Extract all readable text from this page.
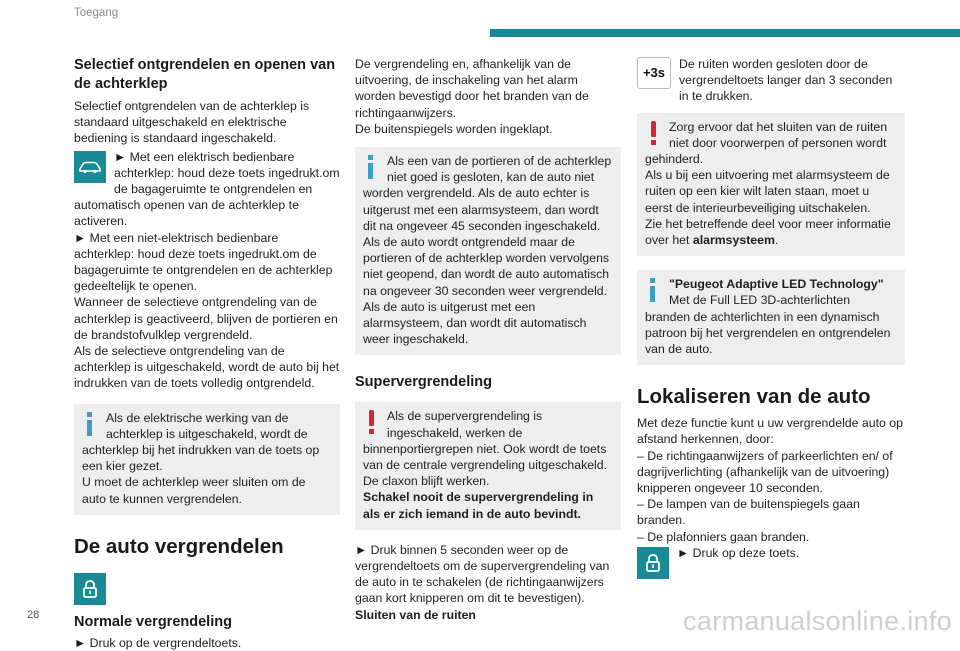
Toegang
Selectief ontgrendelen en openen van de achterklep

Selectief ontgrendelen van de achterklep is standaard uitgeschakeld en elektrische bediening is standaard ingeschakeld.

► Met een elektrisch bedienbare achterklep: houd deze toets ingedrukt.om de bagageruimte te ontgrendelen en automatisch openen van de achterklep te activeren.

► Met een niet-elektrisch bedienbare achterklep: houd deze toets ingedrukt.om de bagageruimte te ontgrendelen en de achterklep gedeeltelijk te openen.

Wanneer de selectieve ontgrendeling van de achterklep is geactiveerd, blijven de portieren en de brandstofvulklep vergrendeld.

Als de selectieve ontgrendeling van de achterklep is uitgeschakeld, wordt de auto bij het indrukken van de toets volledig ontgrendeld.

Als de elektrische werking van de achterklep is uitgeschakeld, wordt de achterklep bij het indrukken van de toets op een kier gezet.

U moet de achterklep weer sluiten om de auto te kunnen vergrendelen.

De auto vergrendelen
Normale vergrendeling

► Druk op de vergrendeltoets.

De vergrendeling en, afhankelijk van de uitvoering, de inschakeling van het alarm worden bevestigd door het branden van de richtingaanwijzers.

De buitenspiegels worden ingeklapt.

Als een van de portieren of de achterklep niet goed is gesloten, kan de auto niet worden vergrendeld. Als de auto echter is uitgerust met een alarmsysteem, dan wordt dit na ongeveer 45 seconden ingeschakeld.

Als de auto wordt ontgrendeld maar de portieren of de achterklep worden vervolgens niet geopend, dan wordt de auto automatisch na ongeveer 30 seconden weer vergrendeld. Als de auto is uitgerust met een alarmsysteem, dan wordt dit automatisch weer ingeschakeld.

Supervergrendeling

Als de supervergrendeling is ingeschakeld, werken de binnenportiergrepen niet. Ook wordt de toets van de centrale vergrendeling uitgeschakeld.

De claxon blijft werken.

Schakel nooit de supervergrendeling in als er zich iemand in de auto bevindt.

► Druk binnen 5 seconden weer op de vergrendeltoets om de supervergrendeling van de auto in te schakelen (de richtingaanwijzers gaan kort knipperen om dit te bevestigen).

Sluiten van de ruiten

+3s

De ruiten worden gesloten door de vergrendeltoets langer dan 3 seconden in te drukken.

Zorg ervoor dat het sluiten van de ruiten niet door voorwerpen of personen wordt gehinderd.

Als u bij een uitvoering met alarmsysteem de ruiten op een kier wilt laten staan, moet u eerst de interieurbeveiliging uitschakelen.

Zie het betreffende deel voor meer informatie over het alarmsysteem.

"Peugeot Adaptive LED Technology"

Met de Full LED 3D-achterlichten branden de achterlichten in een dynamisch patroon bij het vergrendelen en ontgrendelen van de auto.

Lokaliseren van de auto

Met deze functie kunt u uw vergrendelde auto op afstand herkennen, door:

– De richtingaanwijzers of parkeerlichten en/ of dagrijverlichting (afhankelijk van de uitvoering) knipperen ongeveer 10 seconden.

– De lampen van de buitenspiegels gaan branden.

– De plafonniers gaan branden.

► Druk op deze toets.

28	carmanualsonline.info
